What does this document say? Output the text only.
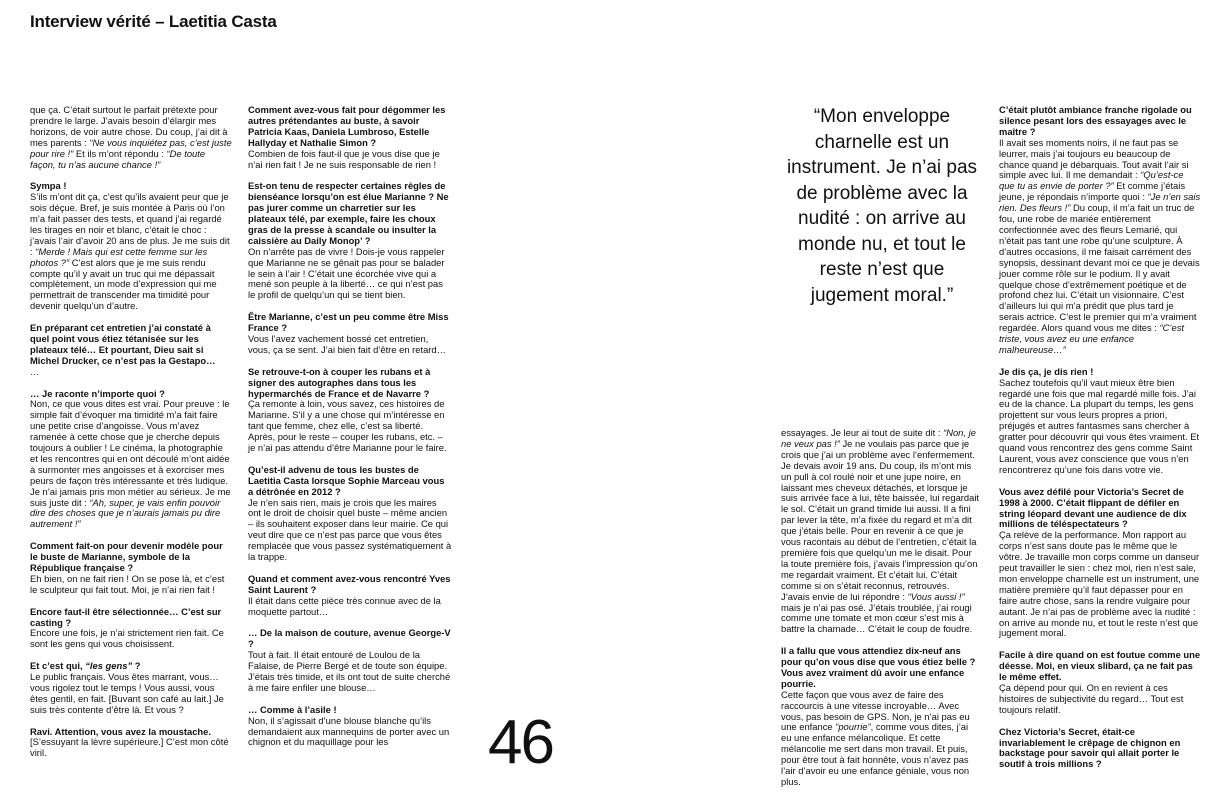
Interview vérité – Laetitia Casta

que ça. C’était surtout le parfait prétexte pour prendre le large. J’avais besoin d’élargir mes horizons, de voir autre chose. Du coup, j’ai dit à mes parents : “Ne vous inquiétez pas, c’est juste pour rire !” Et ils m’ont répondu : “De toute façon, tu n’as aucune chance !”

Sympa !
S’ils m’ont dit ça, c’est qu’ils avaient peur que je sois déçue. Bref, je suis montée à Paris où l’on m’a fait passer des tests, et quand j’ai regardé les tirages en noir et blanc, c’était le choc : j’avais l’air d’avoir 20 ans de plus. Je me suis dit : “Merde ! Mais qui est cette femme sur les photos ?” C’est alors que je me suis rendu compte qu’il y avait un truc qui me dépassait complètement, un mode d’expression qui me permettrait de transcender ma timidité pour devenir quelqu’un d’autre.

En préparant cet entretien j’ai constaté à quel point vous étiez tétanisée sur les plateaux télé… Et pourtant, Dieu sait si Michel Drucker, ce n’est pas la Gestapo…
…

… Je raconte n’importe quoi ?
Non, ce que vous dites est vrai. Pour preuve : le simple fait d’évoquer ma timidité m’a fait faire une petite crise d’angoisse. Vous m’avez ramenée à cette chose que je cherche depuis toujours à oublier ! Le cinéma, la photographie et les rencontres qui en ont découlé m’ont aidée à surmonter mes angoisses et à exorciser mes peurs de façon très intéressante et très ludique. Je n’ai jamais pris mon métier au sérieux. Je me suis juste dit : “Ah, super, je vais enfin pouvoir dire des choses que je n’aurais jamais pu dire autrement !”

Comment fait-on pour devenir modèle pour le buste de Marianne, symbole de la République française ?
Eh bien, on ne fait rien ! On se pose là, et c’est le sculpteur qui fait tout. Moi, je n’ai rien fait !

Encore faut-il être sélectionnée… C’est sur casting ?
Encore une fois, je n’ai strictement rien fait. Ce sont les gens qui vous choisissent.

Et c’est qui, “les gens” ?
Le public français. Vous êtes marrant, vous… vous rigolez tout le temps ! Vous aussi, vous êtes gentil, en fait. [Buvant son café au lait.] Je suis très contente d’être là. Et vous ?

Ravi. Attention, vous avez la moustache.
[S’essuyant la lèvre supérieure.] C’est mon côté viril.

Comment avez-vous fait pour dégommer les autres prétendantes au buste, à savoir Patricia Kaas, Daniela Lumbroso, Estelle Hallyday et Nathalie Simon ?
Combien de fois faut-il que je vous dise que je n’ai rien fait ! Je ne suis responsable de rien !

Est-on tenu de respecter certaines règles de bienséance lorsqu’on est élue Marianne ? Ne pas jurer comme un charretier sur les plateaux télé, par exemple, faire les choux gras de la presse à scandale ou insulter la caissière au Daily Monop’ ?
On n’arrête pas de vivre ! Dois-je vous rappeler que Marianne ne se gênait pas pour se balader le sein à l’air ! C’était une écorchée vive qui a mené son peuple à la liberté… ce qui n’est pas le profil de quelqu’un qui se tient bien.

Être Marianne, c’est un peu comme être Miss France ?
Vous l’avez vachement bossé cet entretien, vous, ça se sent. J’ai bien fait d’être en retard…

Se retrouve-t-on à couper les rubans et à signer des autographes dans tous les hypermarchés de France et de Navarre ?
Ça remonte à loin, vous savez, ces histoires de Marianne. S’il y a une chose qui m’intéresse en tant que femme, chez elle, c’est sa liberté. Après, pour le reste – couper les rubans, etc. – je n’ai pas attendu d’être Marianne pour le faire.

Qu’est-il advenu de tous les bustes de Laetitia Casta lorsque Sophie Marceau vous a détrônée en 2012 ?
Je n’en sais rien, mais je crois que les maires ont le droit de choisir quel buste – même ancien – ils souhaitent exposer dans leur mairie. Ce qui veut dire que ce n’est pas parce que vous êtes remplacée que vous passez systématiquement à la trappe.

Quand et comment avez-vous rencontré Yves Saint Laurent ?
Il était dans cette pièce très connue avec de la moquette partout…

… De la maison de couture, avenue George-V ?
Tout à fait. Il était entouré de Loulou de la Falaise, de Pierre Bergé et de toute son équipe. J’étais très timide, et ils ont tout de suite cherché à me faire enfiler une blouse…

… Comme à l’asile !
Non, il s’agissait d’une blouse blanche qu’ils demandaient aux mannequins de porter avec un chignon et du maquillage pour les

essayages. Je leur ai tout de suite dit : “Non, je ne veux pas !” Je ne voulais pas parce que je crois que j’ai un problème avec l’enfermement. Je devais avoir 19 ans. Du coup, ils m’ont mis un pull à col roulé noir et une jupe noire, en laissant mes cheveux détachés, et lorsque je suis arrivée face à lui, tête baissée, lui regardait le sol. C’était un grand timide lui aussi. Il a fini par lever la tête, m’a fixée du regard et m’a dit que j’étais belle. Pour en revenir à ce que je vous racontais au début de l’entretien, c’était la première fois que quelqu’un me le disait. Pour la toute première fois, j’avais l’impression qu’on me regardait vraiment. Et c’était lui. C’était comme si on s’était reconnus, retrouvés. J’avais envie de lui répondre : “Vous aussi !” mais je n’ai pas osé. J’étais troublée, j’ai rougi comme une tomate et mon cœur s’est mis à battre la chamade… C’était le coup de foudre.

Il a fallu que vous attendiez dix-neuf ans pour qu’on vous dise que vous étiez belle ? Vous avez vraiment dû avoir une enfance pourrie.
Cette façon que vous avez de faire des raccourcis à une vitesse incroyable… Avec vous, pas besoin de GPS. Non, je n’ai pas eu une enfance “pourrie”, comme vous dites, j’ai eu une enfance mélancolique. Et cette mélancolie me sert dans mon travail. Et puis, pour être tout à fait honnête, vous n’avez pas l’air d’avoir eu une enfance géniale, vous non plus.

C’était plutôt ambiance franche rigolade ou silence pesant lors des essayages avec le maître ?
Il avait ses moments noirs, il ne faut pas se leurrer, mais j’ai toujours eu beaucoup de chance quand je débarquais. Tout avait l’air si simple avec lui. Il me demandait : “Qu’est-ce que tu as envie de porter ?” Et comme j’étais jeune, je répondais n’importe quoi : “Je n’en sais rien. Des fleurs !” Du coup, il m’a fait un truc de fou, une robe de mariée entièrement confectionnée avec des fleurs Lemarié, qui n’était pas tant une robe qu’une sculpture. À d’autres occasions, il me faisait carrément des synopsis, dessinant devant moi ce que je devais jouer comme rôle sur le podium. Il y avait quelque chose d’extrêmement poétique et de profond chez lui. C’était un visionnaire. C’est d’ailleurs lui qui m’a prédit que plus tard je serais actrice. C’est le premier qui m’a vraiment regardée. Alors quand vous me dites : “C’est triste, vous avez eu une enfance malheureuse…”

Je dis ça, je dis rien !
Sachez toutefois qu’il vaut mieux être bien regardé une fois que mal regardé mille fois. J’ai eu de la chance. La plupart du temps, les gens projettent sur vous leurs propres a priori, préjugés et autres fantasmes sans chercher à gratter pour découvrir qui vous êtes vraiment. Et quand vous rencontrez des gens comme Saint Laurent, vous avez conscience que vous n’en rencontrerez qu’une fois dans votre vie.

Vous avez défilé pour Victoria’s Secret de 1998 à 2000. C’était flippant de défiler en string léopard devant une audience de dix millions de téléspectateurs ?
Ça relève de la performance. Mon rapport au corps n’est sans doute pas le même que le vôtre. Je travaille mon corps comme un danseur peut travailler le sien : chez moi, rien n’est sale, mon enveloppe charnelle est un instrument, une matière première qu’il faut dépasser pour en faire autre chose, sans la rendre vulgaire pour autant. Je n’ai pas de problème avec la nudité : on arrive au monde nu, et tout le reste n’est que jugement moral.

Facile à dire quand on est foutue comme une déesse. Moi, en vieux slibard, ça ne fait pas le même effet.
Ça dépend pour qui. On en revient à ces histoires de subjectivité du regard… Tout est toujours relatif.

Chez Victoria’s Secret, était-ce invariablement le crêpage de chignon en backstage pour savoir qui allait porter le soutif à trois millions ?

“Mon enveloppe charnelle est un instrument. Je n’ai pas de problème avec la nudité : on arrive au monde nu, et tout le reste n’est que jugement moral.”
46
